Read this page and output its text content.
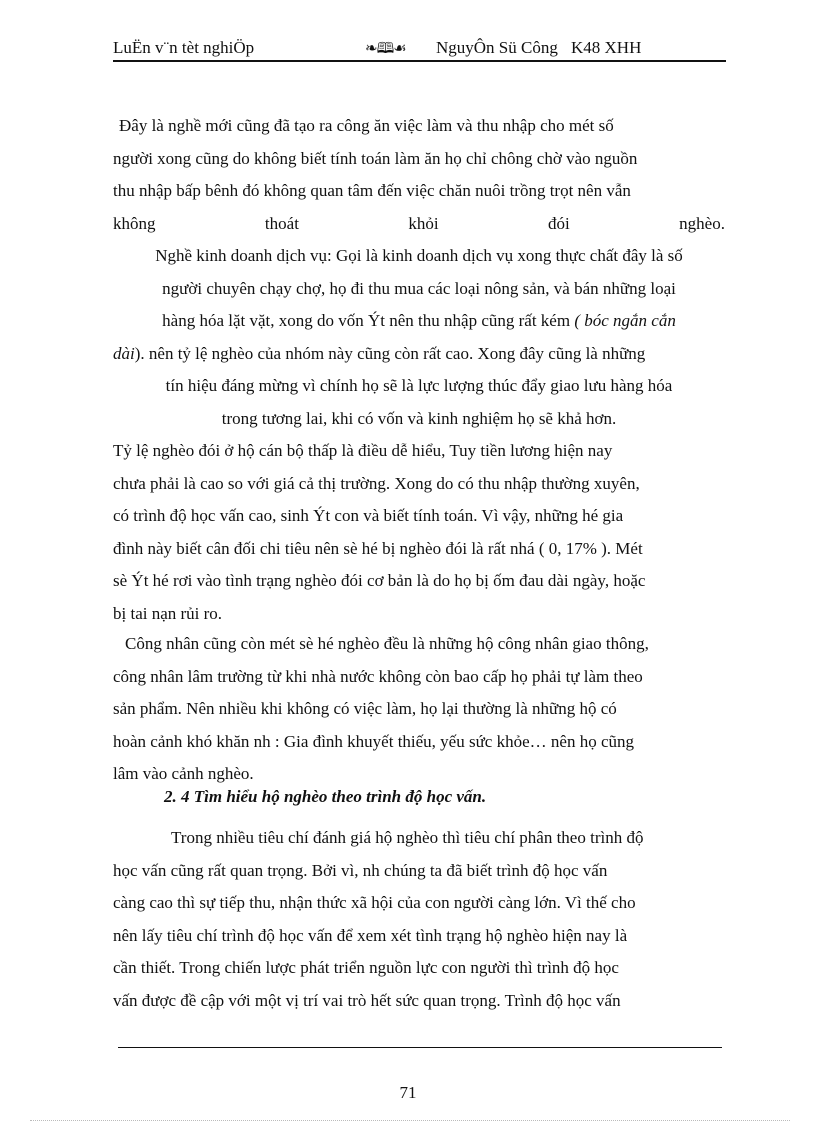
LuËn v¨n tèt nghiÖp	❧🕮☙ NguyÔn Sü Công K48 XHH
Đây là nghề mới cũng đã tạo ra công ăn việc làm và thu nhập cho mét số
người xong cũng do không biết tính toán làm ăn họ chỉ chông chờ vào nguồn
thu nhập bấp bênh đó không quan tâm đến việc chăn nuôi trồng trọt nên vẫn
không	thoát	khỏi	đói	nghèo.
Nghề kinh doanh dịch vụ: Gọi là kinh doanh dịch vụ xong thực chất đây là số
người chuyên chạy chợ, họ đi thu mua các loại nông sản, và bán những loại
hàng hóa lặt vặt, xong do vốn Ýt nên thu nhập cũng rất kém ( bóc ngắn cắn
dài). nên tỷ lệ nghèo của nhóm này cũng còn rất cao. Xong đây cũng là những
tín hiệu đáng mừng vì chính họ sẽ là lực lượng thúc đẩy giao lưu hàng hóa
trong tương lai, khi có vốn và kinh nghiệm họ sẽ khả hơn.
Tỷ lệ nghèo đói ở hộ cán bộ thấp là điều dễ hiểu, Tuy tiền lương hiện nay
chưa phải là cao so với giá cả thị trường. Xong do có thu nhập thường xuyên,
có trình độ học vấn cao, sinh Ýt con và biết tính toán. Vì vậy, những hé gia
đình này biết cân đối chi tiêu nên sè hé bị nghèo đói là rất nhá ( 0, 17% ). Mét
sè Ýt hé rơi vào tình trạng nghèo đói cơ bản là do họ bị ốm đau dài ngày, hoặc
bị tai nạn rủi ro.
Công nhân cũng còn mét sè hé nghèo đều là những hộ công nhân giao thông,
công nhân lâm trường từ khi nhà nước không còn bao cấp họ phải tự làm theo
sản phẩm. Nên nhiều khi không có việc làm, họ lại thường là những hộ có
hoàn cảnh khó khăn nh : Gia đình khuyết thiếu, yếu sức khỏe… nên họ cũng
lâm vào cảnh nghèo.
2. 4 Tìm hiểu hộ nghèo theo trình độ học vấn.
Trong nhiều tiêu chí đánh giá hộ nghèo thì tiêu chí phân theo trình độ
học vấn cũng rất quan trọng. Bởi vì, nh chúng ta đã biết trình độ học vấn
càng cao thì sự tiếp thu, nhận thức xã hội của con người càng lớn. Vì thế cho
nên lấy tiêu chí trình độ học vấn để xem xét tình trạng hộ nghèo hiện nay là
cần thiết. Trong chiến lược phát triển nguồn lực con người thì trình độ học
vấn được đề cập với một vị trí vai trò hết sức quan trọng. Trình độ học vấn
71
